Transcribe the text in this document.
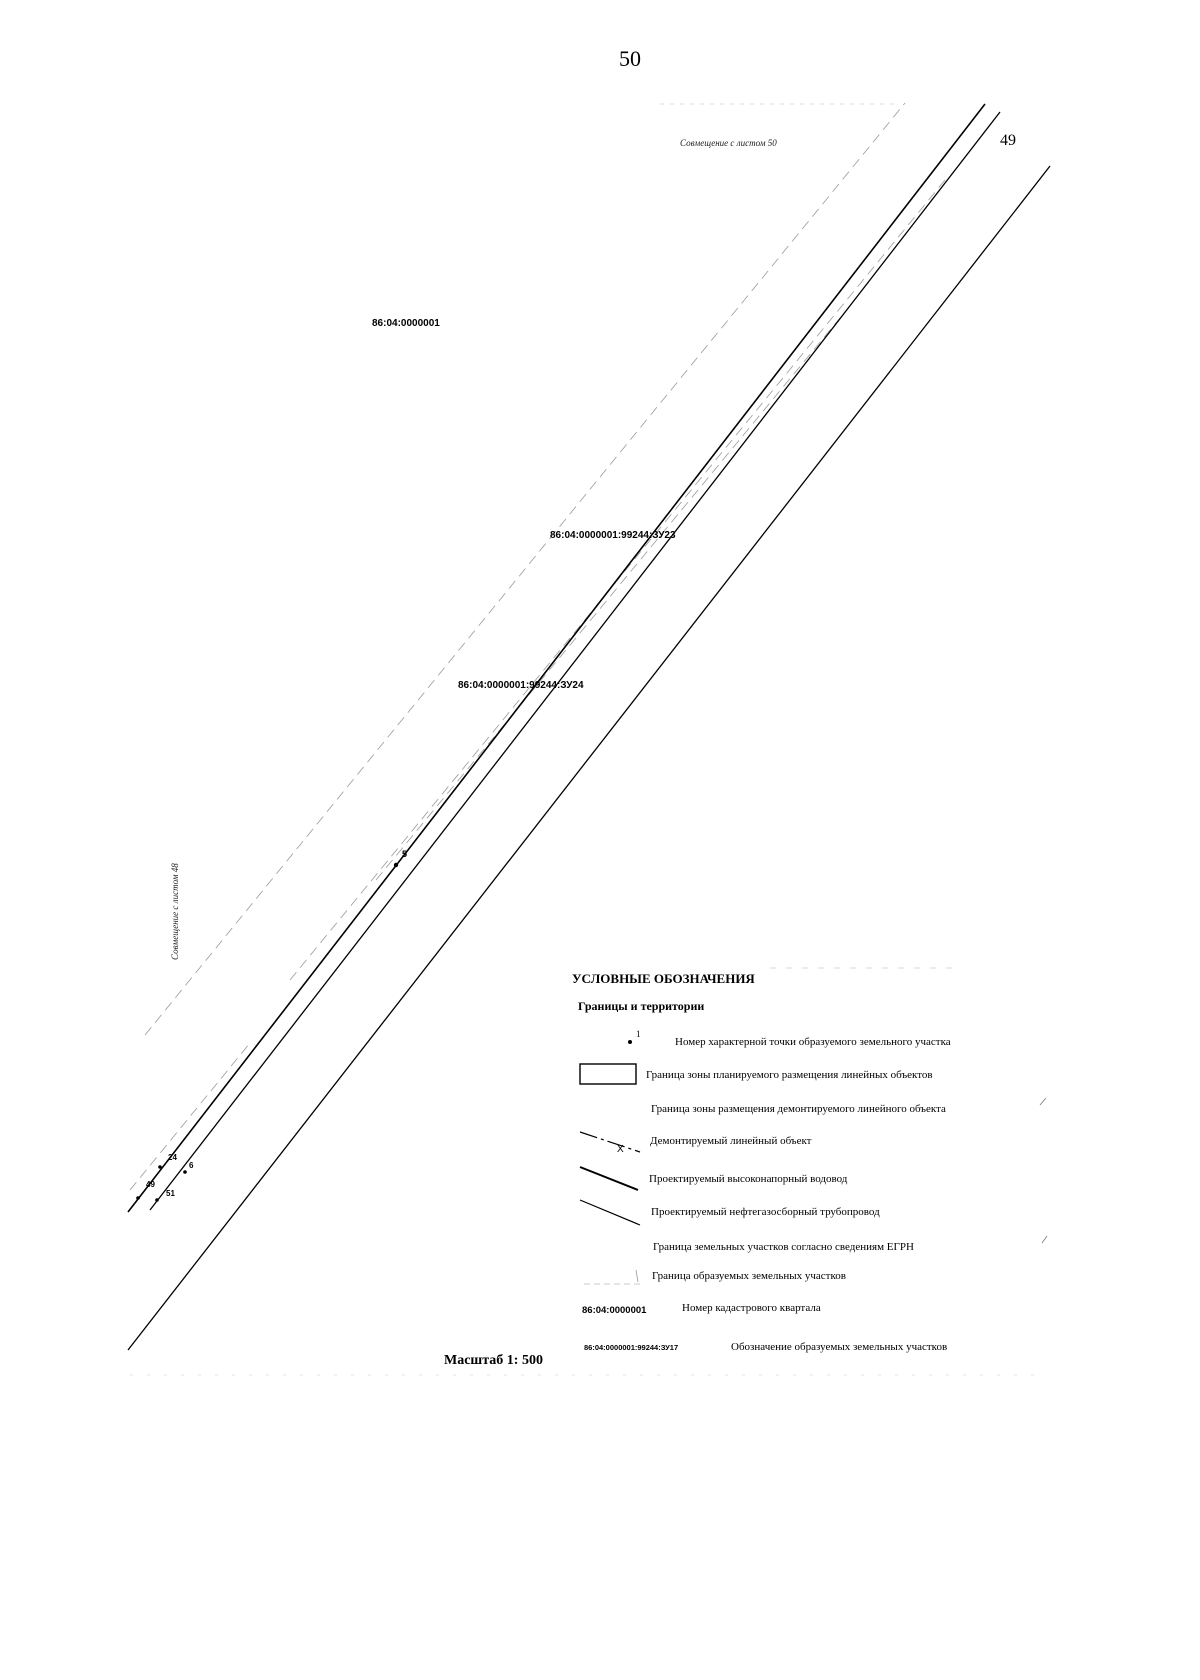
50
49
Совмещение с листом 50
Совмещение с листом 48
86:04:0000001
86:04:0000001:99244:ЗУ23
86:04:0000001:99244:ЗУ24
5
24
6
49
51
Масштаб 1: 500
УСЛОВНЫЕ ОБОЗНАЧЕНИЯ
Границы и территории
1
Номер характерной точки образуемого земельного участка
Граница зоны планируемого размещения линейных объектов
Граница зоны размещения демонтируемого линейного объекта
Х
Демонтируемый линейный объект
Проектируемый высоконапорный водовод
Проектируемый нефтегазосборный трубопровод
Граница земельных участков согласно сведениям ЕГРН
Граница образуемых земельных участков
86:04:0000001	Номер кадастрового квартала
86:04:0000001:99244:ЗУ17	Обозначение образуемых земельных участков
